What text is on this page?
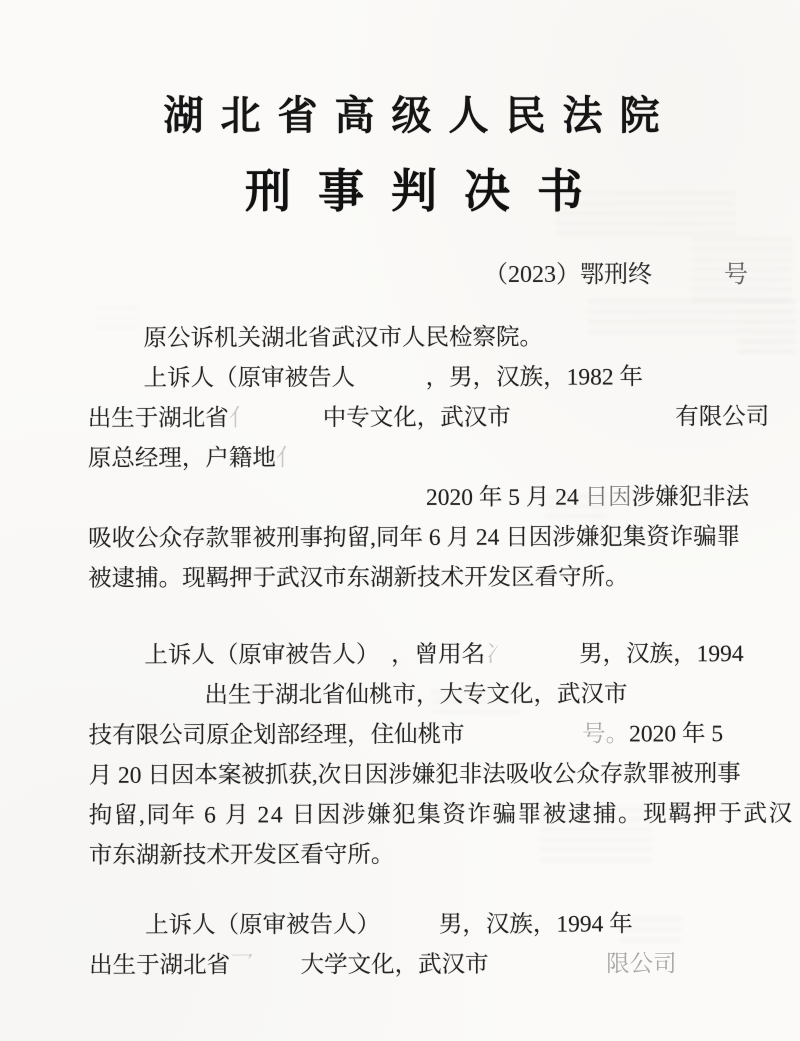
湖北省高级人民法院
刑事判决书
（2023）鄂刑终　　　	号
原公诉机关湖北省武汉市人民检察院。
上诉人（原审被告人　　　	，男，汉族，1982 年
出生于湖北省亻　　　	中专文化，武汉市　　　　　　　	有限公司
原总经理，户籍地亻
2020 年 5 月 24 日因涉嫌犯非法
吸收公众存款罪被刑事拘留,同年 6 月 24 日因涉嫌犯集资诈骗罪
被逮捕。现羁押于武汉市东湖新技术开发区看守所。
上诉人（原审被告人）　 ，曾用名冫　　　	男，汉族，1994
出生于湖北省仙桃市，大专文化，武汉市
技有限公司原企划部经理，住仙桃市　　　　　	号。2020 年 5
月 20 日因本案被抓获,次日因涉嫌犯非法吸收公众存款罪被刑事
拘留,同年 6 月 24 日因涉嫌犯集资诈骗罪被逮捕。现羁押于武汉
市东湖新技术开发区看守所。
上诉人（原审被告人）　　　	男，汉族，1994 年
出生于湖北省乛　　 大学文化，武汉市　　　　　	限公司
